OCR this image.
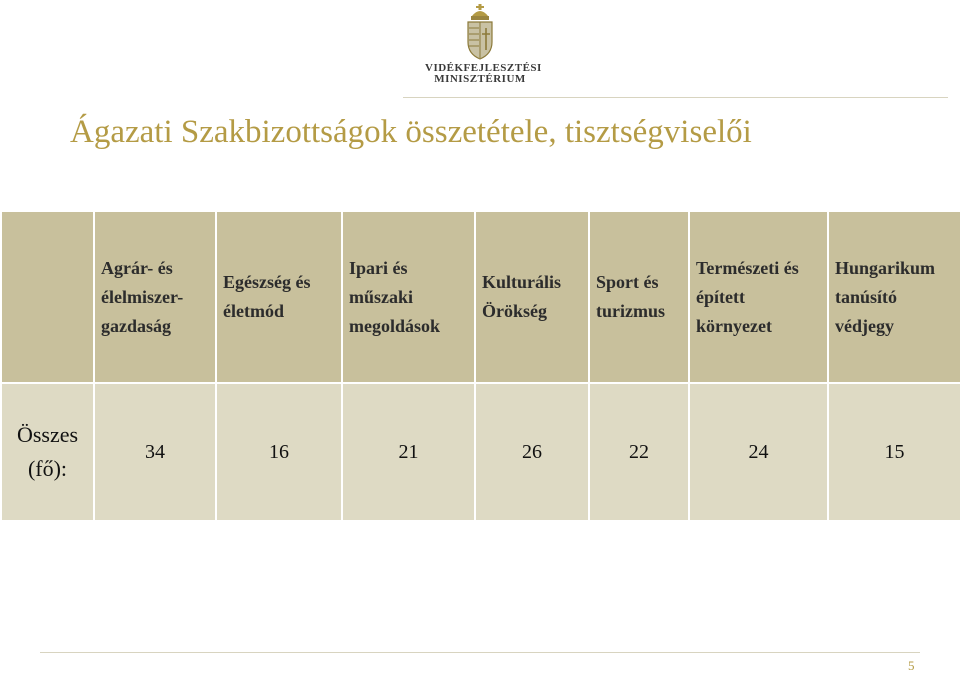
VIDÉKFEJLESZTÉSI
MINISZTÉRIUM
Ágazati Szakbizottságok összetétele, tisztségviselői
	Agrár- és élelmiszer-gazdaság	Egészség és életmód	Ipari és műszaki megoldások	Kulturális Örökség	Sport és turizmus	Természeti és épített környezet	Hungarikum tanúsító védjegy
Összes (fő):	34	16	21	26	22	24	15
5
